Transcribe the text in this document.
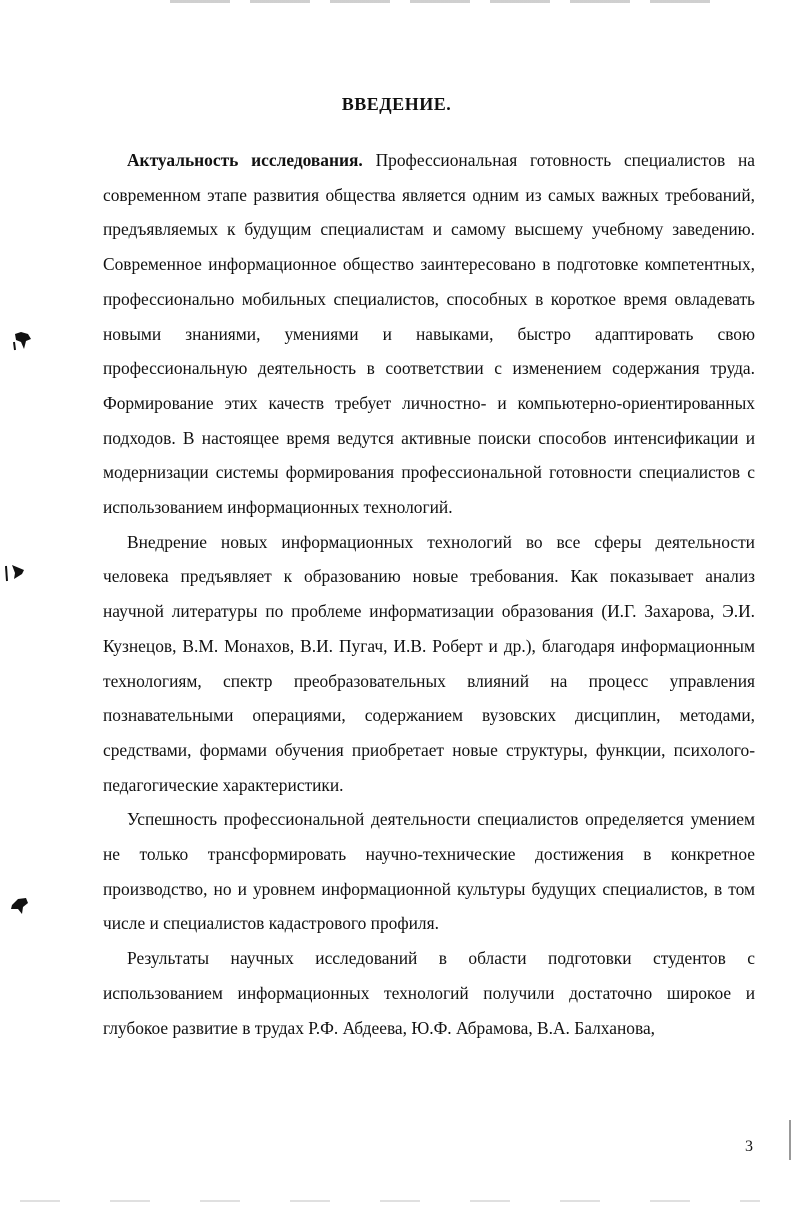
ВВЕДЕНИЕ.

Актуальность исследования. Профессиональная готовность специалистов на современном этапе развития общества является одним из самых важных требований, предъявляемых к будущим специалистам и самому высшему учебному заведению. Современное информационное общество заинтересовано в подготовке компетентных, профессионально мобильных специалистов, способных в короткое время овладевать новыми знаниями, умениями и навыками, быстро адаптировать свою профессиональную деятельность в соответствии с изменением содержания труда. Формирование этих качеств требует личностно- и компьютерно-ориентированных подходов. В настоящее время ведутся активные поиски способов интенсификации и модернизации системы формирования профессиональной готовности специалистов с использованием информационных технологий.

Внедрение новых информационных технологий во все сферы деятельности человека предъявляет к образованию новые требования. Как показывает анализ научной литературы по проблеме информатизации образования (И.Г. Захарова, Э.И. Кузнецов, В.М. Монахов, В.И. Пугач, И.В. Роберт и др.), благодаря информационным технологиям, спектр преобразовательных влияний на процесс управления познавательными операциями, содержанием вузовских дисциплин, методами, средствами, формами обучения приобретает новые структуры, функции, психолого-педагогические характеристики.

Успешность профессиональной деятельности специалистов определяется умением не только трансформировать научно-технические достижения в конкретное производство, но и уровнем информационной культуры будущих специалистов, в том числе и специалистов кадастрового профиля.

Результаты научных исследований в области подготовки студентов с использованием информационных технологий получили достаточно широкое и глубокое развитие в трудах Р.Ф. Абдеева, Ю.Ф. Абрамова, В.А. Балханова,

3
